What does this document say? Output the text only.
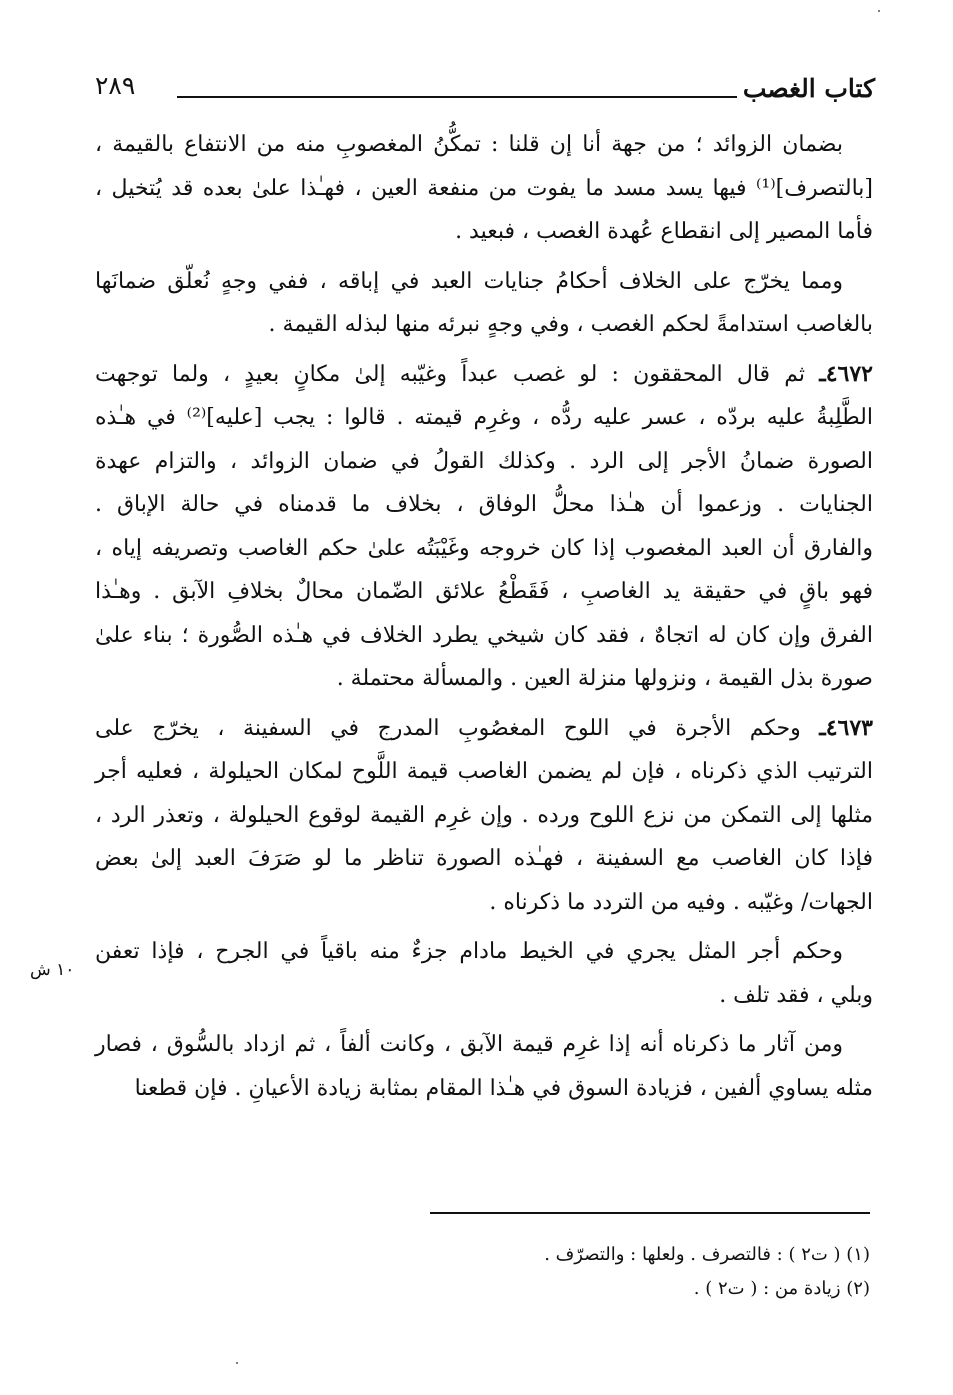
كتاب الغصب
٢٨٩
بضمان الزوائد ؛ من جهة أنا إن قلنا : تمكُّنُ المغصوبِ منه من الانتفاع بالقيمة ،
[بالتصرف]⁽¹⁾ فيها يسد مسد ما يفوت من منفعة العين ، فهـٰذا علىٰ بعده قد يُتخيل ،
فأما المصير إلى انقطاع عُهدة الغصب ، فبعيد .
ومما يخرّج على الخلاف أحكامُ جنايات العبد في إباقه ، ففي وجهٍ نُعلّق ضمانَها
بالغاصب استدامةً لحكم الغصب ، وفي وجهٍ نبرئه منها لبذله القيمة .
٤٦٧٢ـ ثم قال المحققون : لو غصب عبداً وغيّبه إلىٰ مكانٍ بعيدٍ ، ولما توجهت
الطَّلِبةُ عليه بردّه ، عسر عليه ردُّه ، وغرِم قيمته . قالوا : يجب [عليه]⁽²⁾ في هـٰذه
الصورة ضمانُ الأجر إلى الرد . وكذلك القولُ في ضمان الزوائد ، والتزام عهدة
الجنايات . وزعموا أن هـٰذا محلُّ الوفاق ، بخلاف ما قدمناه في حالة الإباق .
والفارق أن العبد المغصوب إذا كان خروجه وغَيْبَتُه علىٰ حكم الغاصب وتصريفه إياه ،
فهو باقٍ في حقيقة يد الغاصبِ ، فَقَطْعُ علائق الضّمان محالٌ بخلافِ الآبق . وهـٰذا
الفرق وإن كان له اتجاهٌ ، فقد كان شيخي يطرد الخلاف في هـٰذه الصُّورة ؛ بناء علىٰ
صورة بذل القيمة ، ونزولها منزلة العين . والمسألة محتملة .
٤٦٧٣ـ وحكم الأجرة في اللوح المغصُوبِ المدرج في السفينة ، يخرّج على
الترتيب الذي ذكرناه ، فإن لم يضمن الغاصب قيمة اللَّوح لمكان الحيلولة ، فعليه أجر
مثلها إلى التمكن من نزع اللوح ورده . وإن غرِم القيمة لوقوع الحيلولة ، وتعذر الرد ،
فإذا كان الغاصب مع السفينة ، فهـٰذه الصورة تناظر ما لو صَرَفَ العبد إلىٰ بعض
الجهات/ وغيّبه . وفيه من التردد ما ذكرناه .
وحكم أجر المثل يجري في الخيط مادام جزءٌ منه باقياً في الجرح ، فإذا تعفن
وبلي ، فقد تلف .
ومن آثار ما ذكرناه أنه إذا غرِم قيمة الآبق ، وكانت ألفاً ، ثم ازداد بالسُّوق ، فصار
مثله يساوي ألفين ، فزيادة السوق في هـٰذا المقام بمثابة زيادة الأعيانِ . فإن قطعنا
١٠ ش
(١) ( ت٢ ) : فالتصرف . ولعلها : والتصرّف .
(٢) زيادة من : ( ت٢ ) .
